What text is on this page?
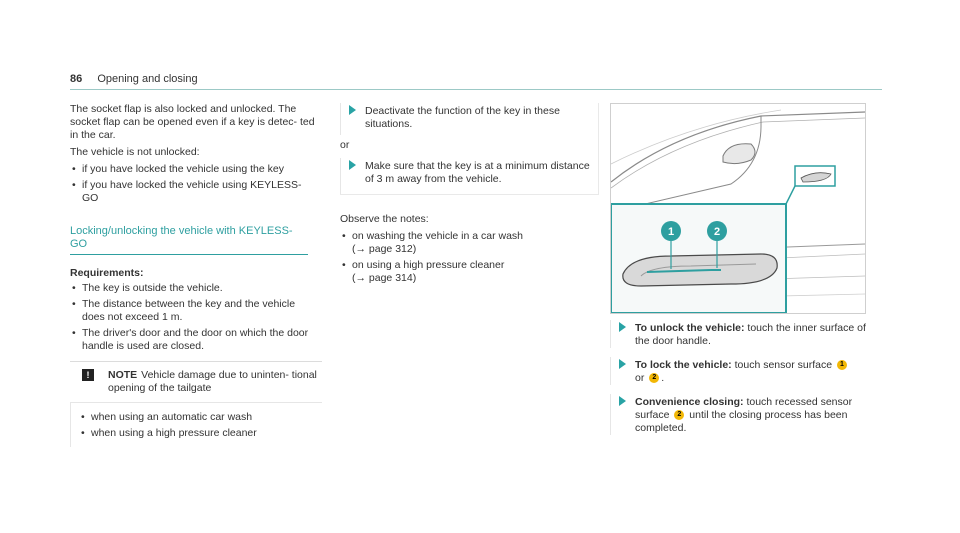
86 Opening and closing

The socket flap is also locked and unlocked. The socket flap can be opened even if a key is detec- ted in the car.

The vehicle is not unlocked:

• if you have locked the vehicle using the key
• if you have locked the vehicle using KEYLESS- GO
Locking/unlocking the vehicle with KEYLESS-GO
Requirements:
• The key is outside the vehicle.
• The distance between the key and the vehicle does not exceed 1 m.
• The driver's door and the door on which the door handle is used are closed.
!	NOTE Vehicle damage due to uninten- tional opening of the tailgate
• when using an automatic car wash
• when using a high pressure cleaner
Deactivate the function of the key in these situations.
or
Make sure that the key is at a minimum distance of 3 m away from the vehicle.

Observe the notes:

• on washing the vehicle in a car wash
(→ page 312)
• on using a high pressure cleaner
(→ page 314)
1	2
To unlock the vehicle: touch the inner surface of the door handle.
To lock the vehicle: touch sensor surface 1
or 2 .
Convenience closing: touch recessed sensor surface 2 until the closing process has been completed.
